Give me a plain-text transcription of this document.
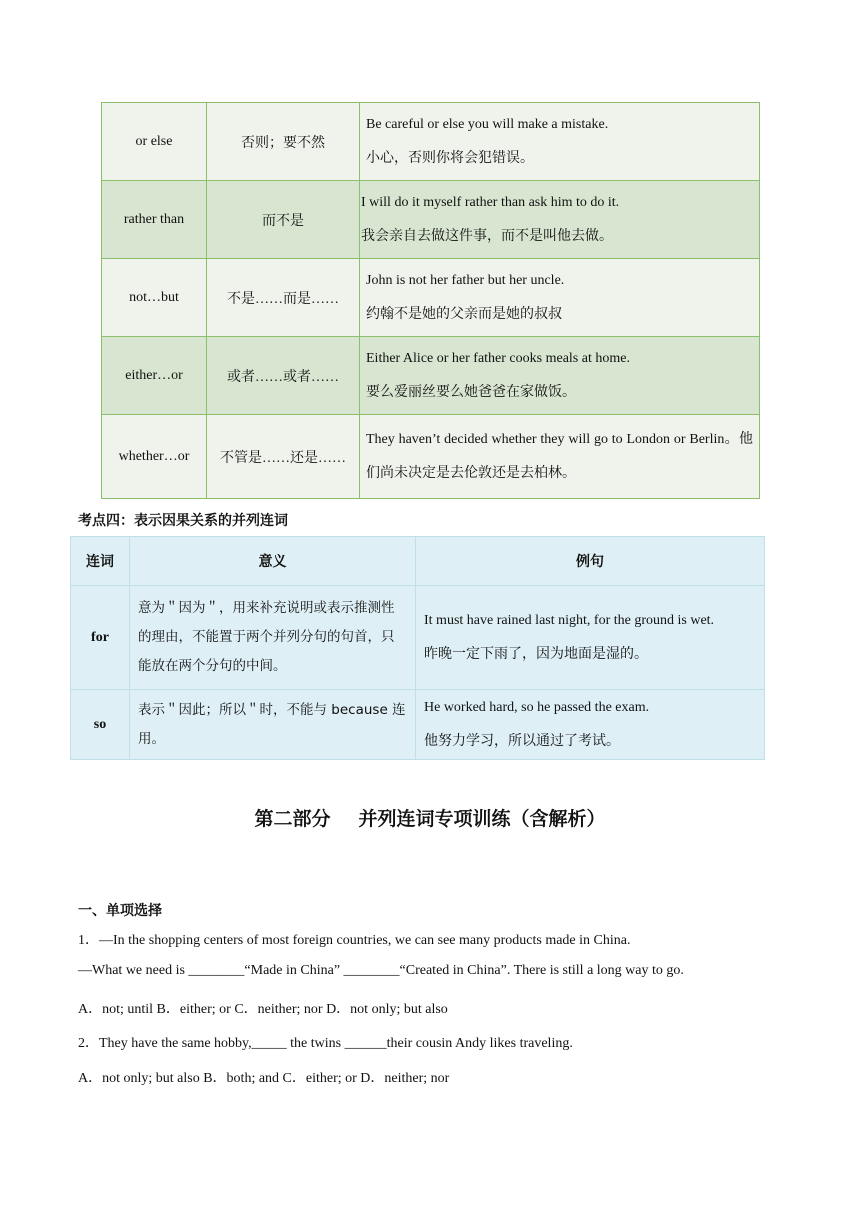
or else	否则；要不然	Be careful or else you will make a mistake.
小心，否则你将会犯错误。

rather than	而不是	I will do it myself rather than ask him to do it.
我会亲自去做这件事，而不是叫他去做。

not…but	不是……而是……	John is not her father but her uncle.
约翰不是她的父亲而是她的叔叔

either…or	或者……或者……	Either Alice or her father cooks meals at home.
要么爱丽丝要么她爸爸在家做饭。

whether…or	不管是……还是……	They haven’t decided whether they will go to London or Berlin。他们尚未决定是去伦敦还是去柏林。
考点四：表示因果关系的并列连词
连词	意义	例句
for	意为＂因为＂，用来补充说明或表示推测性的理由，不能置于两个并列分句的句首，只能放在两个分句的中间。	It must have rained last night, for the ground is wet.
昨晚一定下雨了，因为地面是湿的。

so	表示＂因此；所以＂时，不能与 because 连用。	He worked hard, so he passed the exam.
他努力学习，所以通过了考试。
第二部分 并列连词专项训练（含解析）
一、单项选择
1．—In the shopping centers of most foreign countries, we can see many products made in China.
—What we need is ________“Made in China” ________“Created in China”. There is still a long way to go.
A．not; until B．either; or C．neither; nor D．not only; but also
2．They have the same hobby,_____ the twins ______their cousin Andy likes traveling.
A．not only; but also B．both; and C．either; or D．neither; nor
